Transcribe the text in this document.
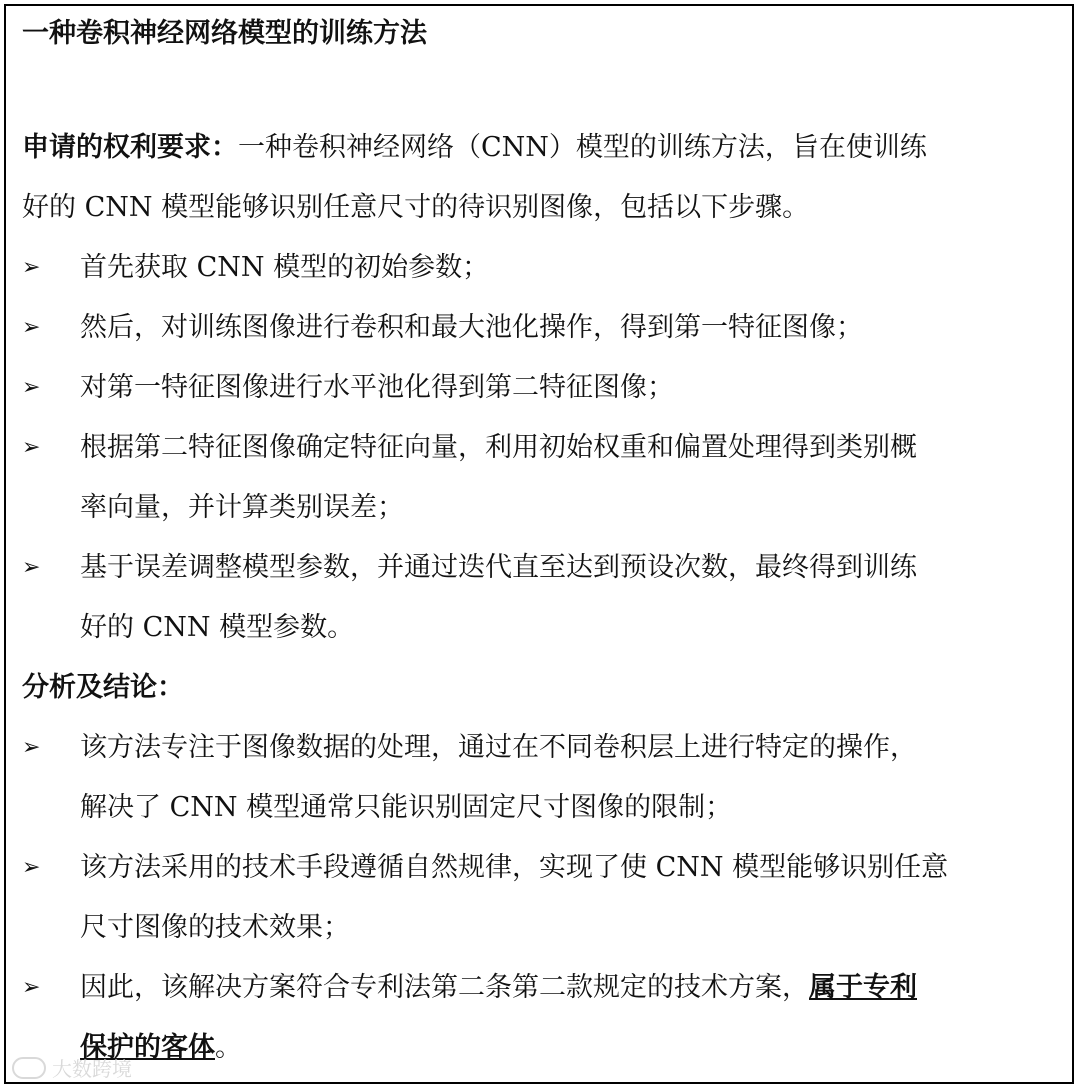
一种卷积神经网络模型的训练方法
申请的权利要求：一种卷积神经网络（CNN）模型的训练方法，旨在使训练
好的 CNN 模型能够识别任意尺寸的待识别图像，包括以下步骤。
➢	首先获取 CNN 模型的初始参数；
➢	然后，对训练图像进行卷积和最大池化操作，得到第一特征图像；
➢	对第一特征图像进行水平池化得到第二特征图像；
➢	根据第二特征图像确定特征向量，利用初始权重和偏置处理得到类别概
率向量，并计算类别误差；
➢	基于误差调整模型参数，并通过迭代直至达到预设次数，最终得到训练
好的 CNN 模型参数。
分析及结论：
➢	该方法专注于图像数据的处理，通过在不同卷积层上进行特定的操作，
解决了 CNN 模型通常只能识别固定尺寸图像的限制；
➢	该方法采用的技术手段遵循自然规律，实现了使 CNN 模型能够识别任意
尺寸图像的技术效果；
➢	因此，该解决方案符合专利法第二条第二款规定的技术方案，属于专利
保护的客体。
大数跨境
